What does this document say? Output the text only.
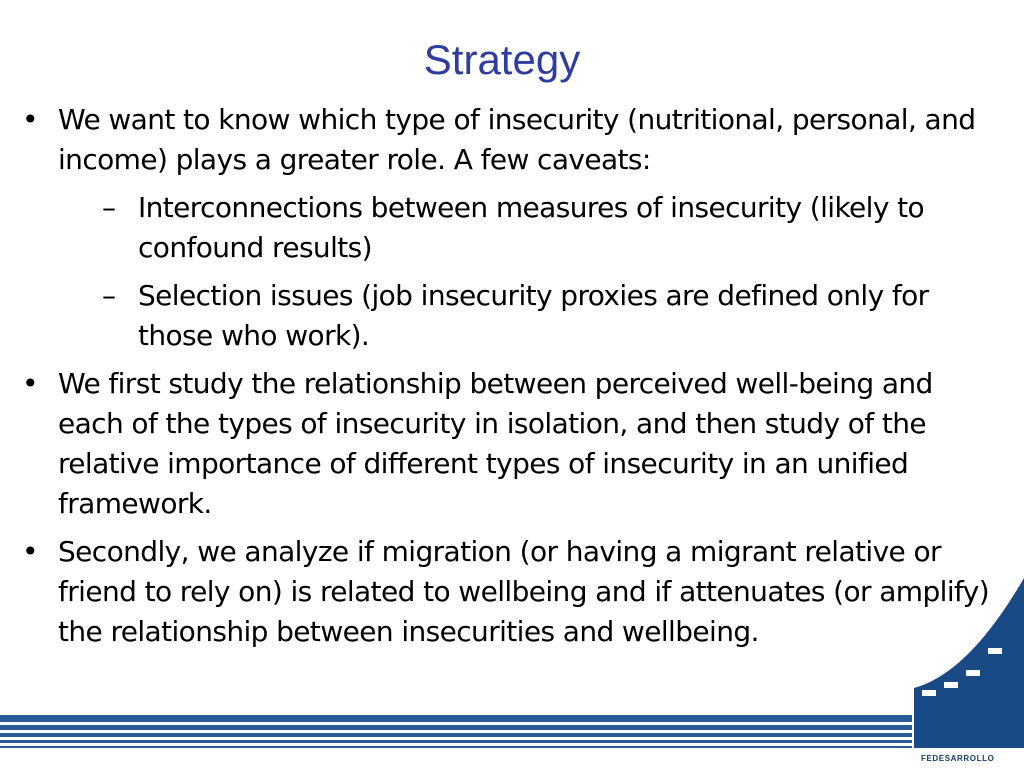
Strategy
• We want to know which type of insecurity (nutritional, personal, and income) plays a greater role. A few caveats:
– Interconnections between measures of insecurity (likely to confound results)
– Selection issues (job insecurity proxies are defined only for those who work).
• We first study the relationship between perceived well-being and each of the types of insecurity in isolation, and then study of the relative importance of different types of insecurity in an unified framework.
• Secondly, we analyze if migration (or having a migrant relative or friend to rely on) is related to wellbeing and if attenuates (or amplify) the relationship between insecurities and wellbeing.
FEDESARROLLO
